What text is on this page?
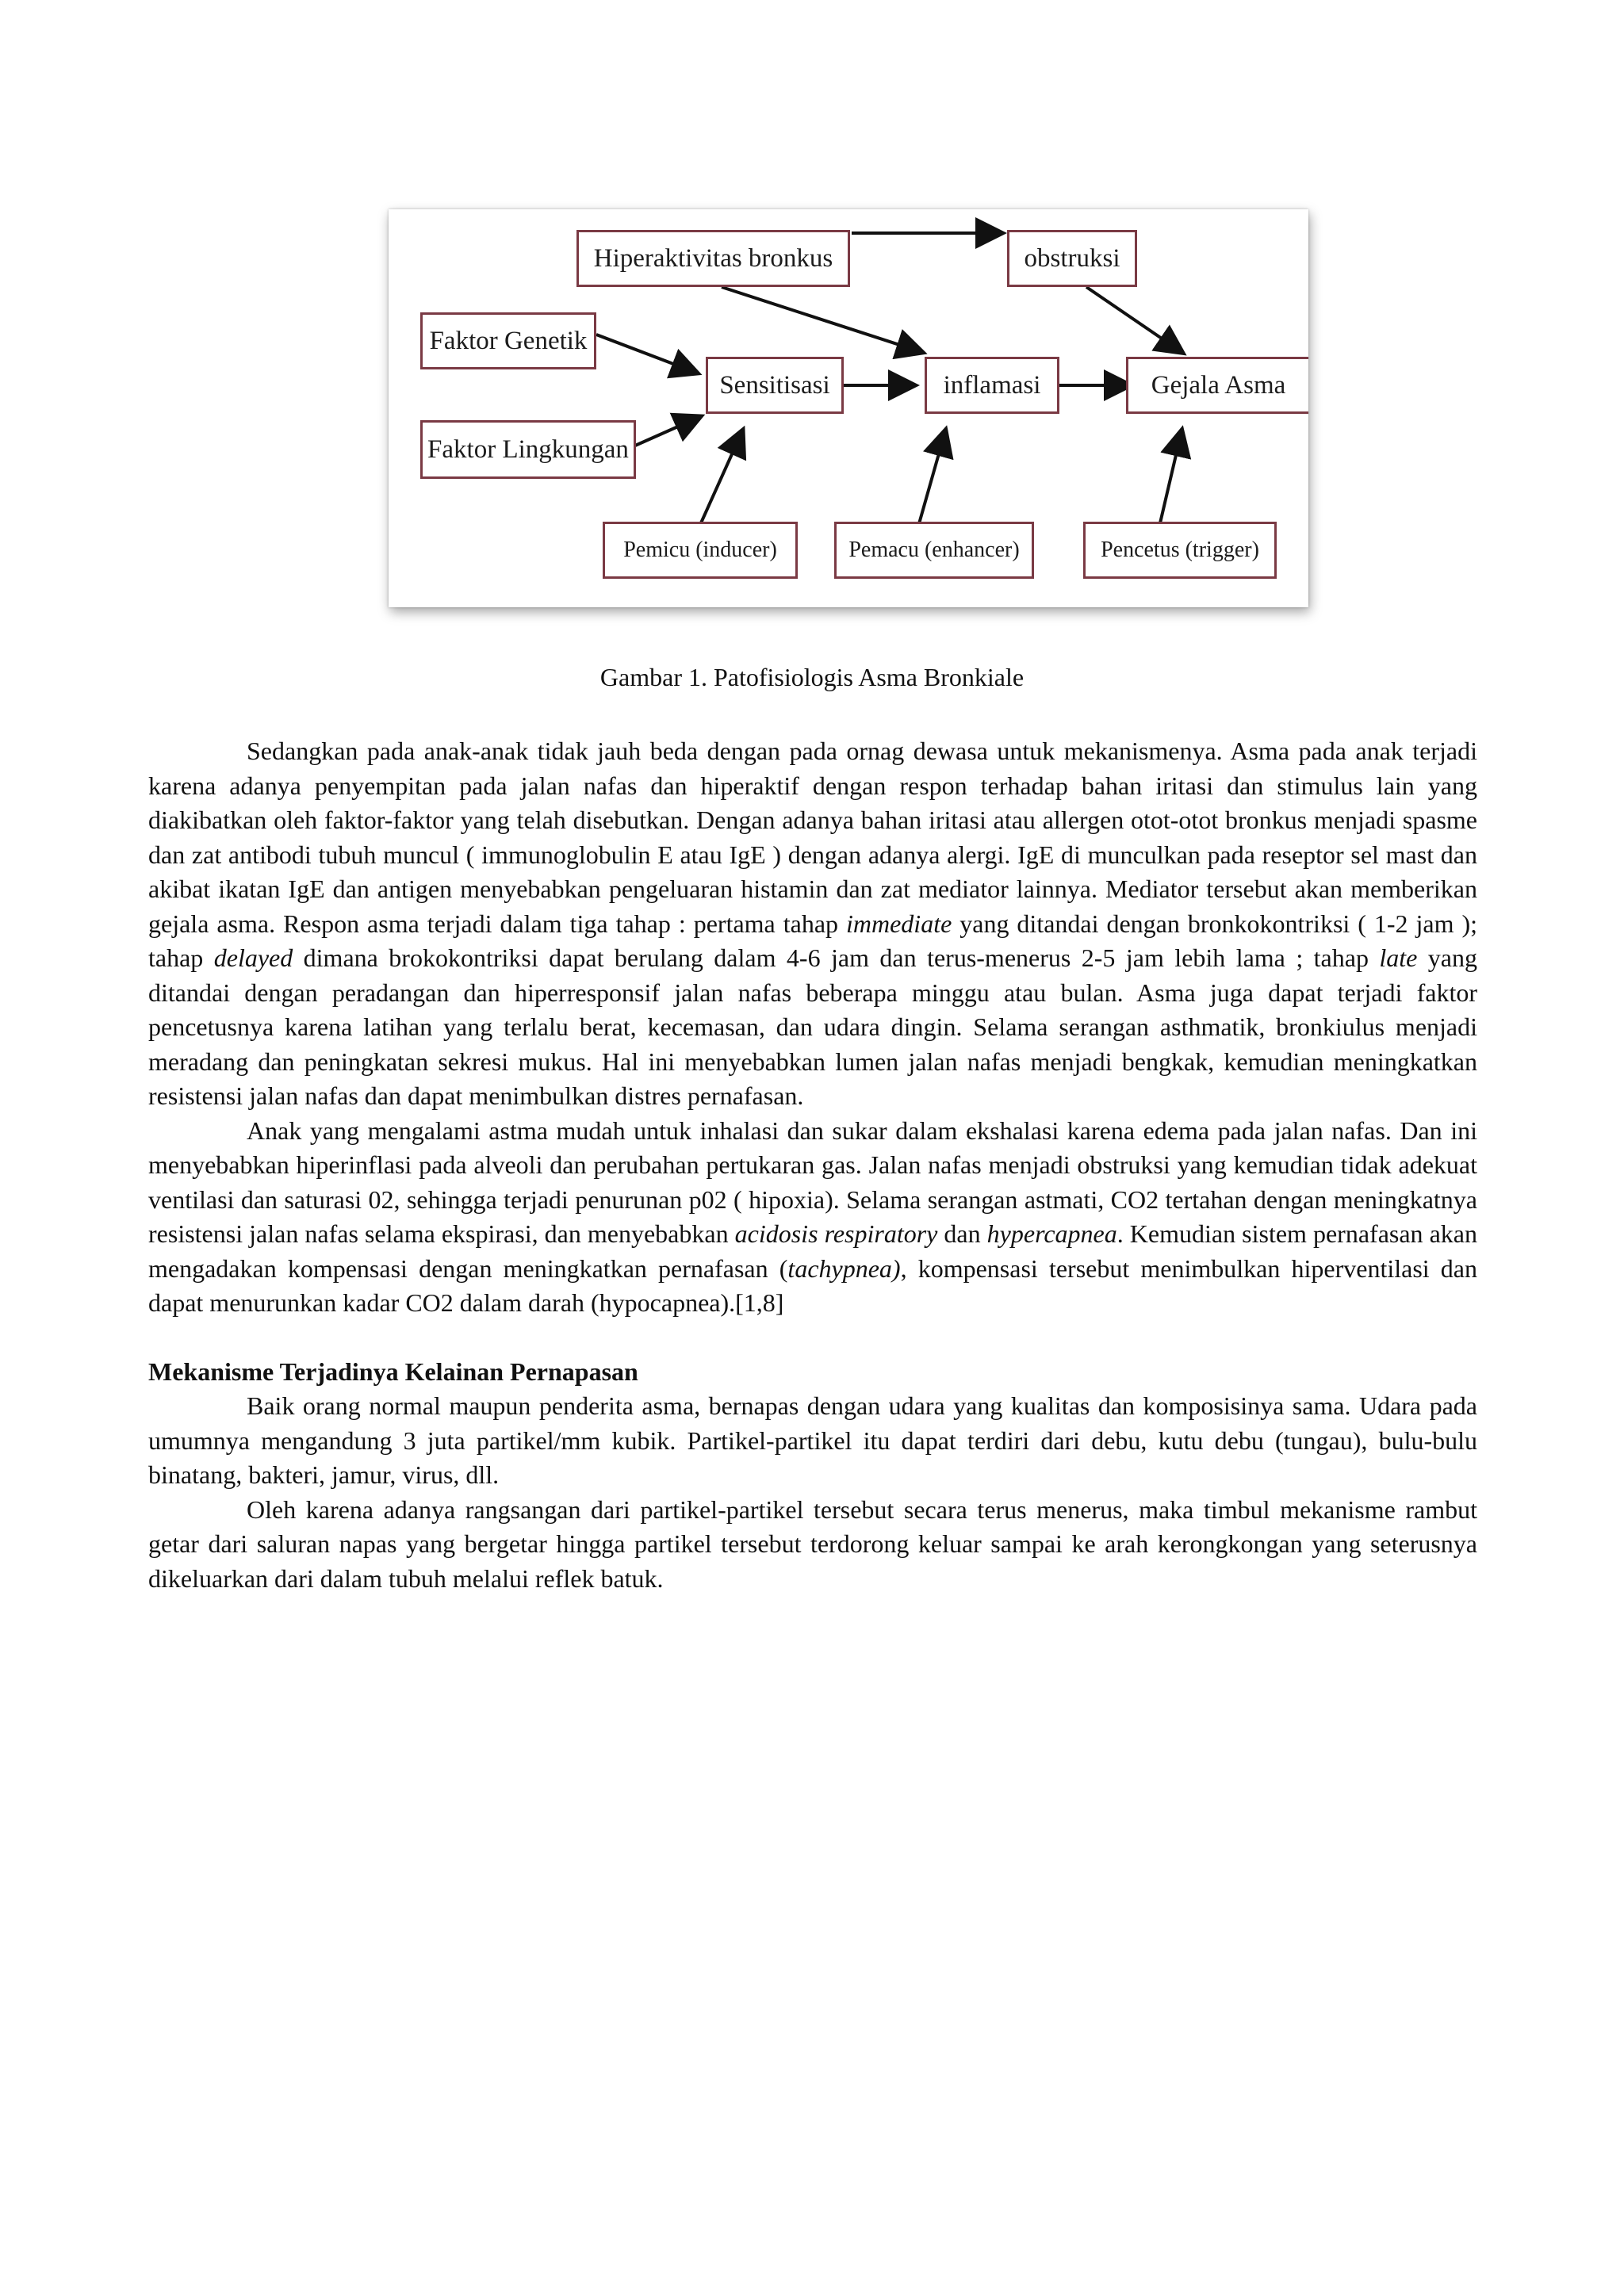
Hiperaktivitas bronkus	obstruksi
Faktor Genetik
Faktor Lingkungan
Sensitisasi	inflamasi	Gejala Asma
Pemicu (inducer)	Pemacu (enhancer)	Pencetus (trigger)
Gambar 1. Patofisiologis Asma Bronkiale

Sedangkan pada anak-anak tidak jauh beda dengan pada ornag dewasa untuk mekanismenya. Asma pada anak terjadi karena adanya penyempitan pada jalan nafas dan hiperaktif dengan respon terhadap bahan iritasi dan stimulus lain yang diakibatkan oleh faktor-faktor yang telah disebutkan. Dengan adanya bahan iritasi atau allergen otot-otot bronkus menjadi spasme dan zat antibodi tubuh muncul ( immunoglobulin E atau IgE ) dengan adanya alergi. IgE di munculkan pada reseptor sel mast dan akibat ikatan IgE dan antigen menyebabkan pengeluaran histamin dan zat mediator lainnya. Mediator tersebut akan memberikan gejala asma. Respon asma terjadi dalam tiga tahap : pertama tahap immediate yang ditandai dengan bronkokontriksi ( 1-2 jam ); tahap delayed dimana brokokontriksi dapat berulang dalam 4-6 jam dan terus-menerus 2-5 jam lebih lama ; tahap late yang ditandai dengan peradangan dan hiperresponsif jalan nafas beberapa minggu atau bulan. Asma juga dapat terjadi faktor pencetusnya karena latihan yang terlalu berat, kecemasan, dan udara dingin. Selama serangan asthmatik, bronkiulus menjadi meradang dan peningkatan sekresi mukus. Hal ini menyebabkan lumen jalan nafas menjadi bengkak, kemudian meningkatkan resistensi jalan nafas dan dapat menimbulkan distres pernafasan.

Anak yang mengalami astma mudah untuk inhalasi dan sukar dalam ekshalasi karena edema pada jalan nafas. Dan ini menyebabkan hiperinflasi pada alveoli dan perubahan pertukaran gas. Jalan nafas menjadi obstruksi yang kemudian tidak adekuat ventilasi dan saturasi 02, sehingga terjadi penurunan p02 ( hipoxia). Selama serangan astmati, CO2 tertahan dengan meningkatnya resistensi jalan nafas selama ekspirasi, dan menyebabkan acidosis respiratory dan hypercapnea. Kemudian sistem pernafasan akan mengadakan kompensasi dengan meningkatkan pernafasan (tachypnea), kompensasi tersebut menimbulkan hiperventilasi dan dapat menurunkan kadar CO2 dalam darah (hypocapnea).[1,8]

Mekanisme Terjadinya Kelainan Pernapasan

Baik orang normal maupun penderita asma, bernapas dengan udara yang kualitas dan komposisinya sama. Udara pada umumnya mengandung 3 juta partikel/mm kubik. Partikel-partikel itu dapat terdiri dari debu, kutu debu (tungau), bulu-bulu binatang, bakteri, jamur, virus, dll.

Oleh karena adanya rangsangan dari partikel-partikel tersebut secara terus menerus, maka timbul mekanisme rambut getar dari saluran napas yang bergetar hingga partikel tersebut terdorong keluar sampai ke arah kerongkongan yang seterusnya dikeluarkan dari dalam tubuh melalui reflek batuk.
